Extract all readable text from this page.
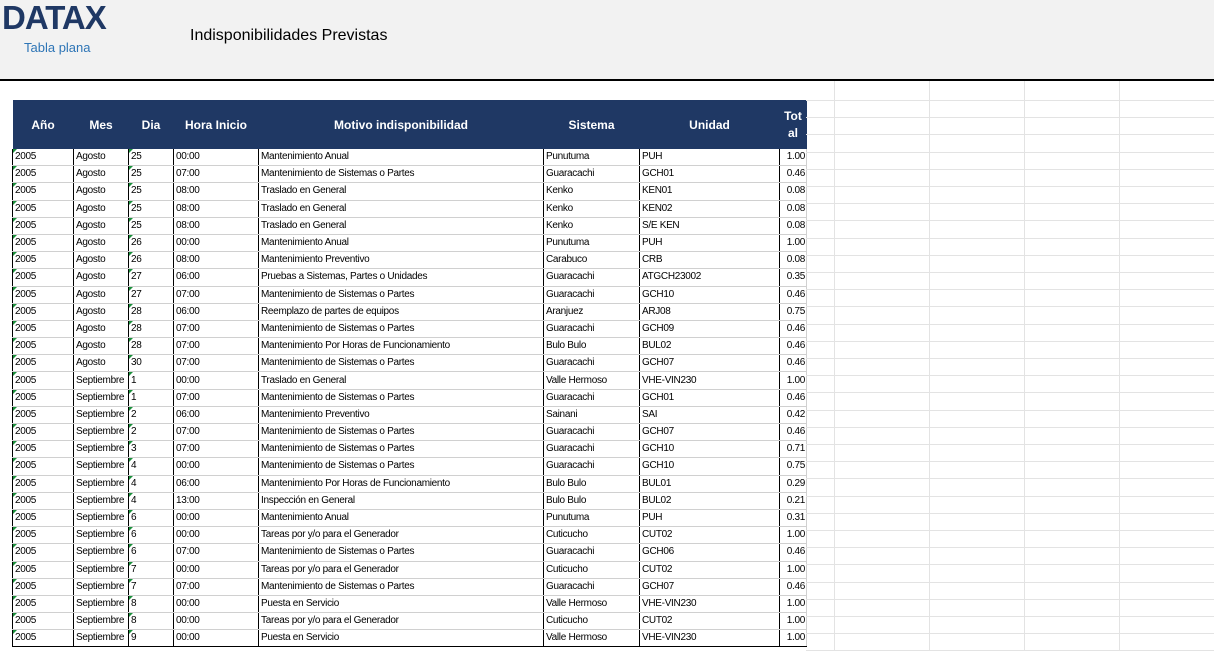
DATAX
Tabla plana
Indisponibilidades Previstas
Año	Mes	Dia	Hora Inicio	Motivo indisponibilidad	Sistema	Unidad	Tot
al
2005	Agosto	25	00:00	Mantenimiento Anual	Punutuma	PUH	1.00
2005	Agosto	25	07:00	Mantenimiento de Sistemas o Partes	Guaracachi	GCH01	0.46
2005	Agosto	25	08:00	Traslado en General	Kenko	KEN01	0.08
2005	Agosto	25	08:00	Traslado en General	Kenko	KEN02	0.08
2005	Agosto	25	08:00	Traslado en General	Kenko	S/E KEN	0.08
2005	Agosto	26	00:00	Mantenimiento Anual	Punutuma	PUH	1.00
2005	Agosto	26	08:00	Mantenimiento Preventivo	Carabuco	CRB	0.08
2005	Agosto	27	06:00	Pruebas a Sistemas, Partes o Unidades	Guaracachi	ATGCH23002	0.35
2005	Agosto	27	07:00	Mantenimiento de Sistemas o Partes	Guaracachi	GCH10	0.46
2005	Agosto	28	06:00	Reemplazo de partes de equipos	Aranjuez	ARJ08	0.75
2005	Agosto	28	07:00	Mantenimiento de Sistemas o Partes	Guaracachi	GCH09	0.46
2005	Agosto	28	07:00	Mantenimiento Por Horas de Funcionamiento	Bulo Bulo	BUL02	0.46
2005	Agosto	30	07:00	Mantenimiento de Sistemas o Partes	Guaracachi	GCH07	0.46
2005	Septiembre	1	00:00	Traslado en General	Valle Hermoso	VHE-VIN230	1.00
2005	Septiembre	1	07:00	Mantenimiento de Sistemas o Partes	Guaracachi	GCH01	0.46
2005	Septiembre	2	06:00	Mantenimiento Preventivo	Sainani	SAI	0.42
2005	Septiembre	2	07:00	Mantenimiento de Sistemas o Partes	Guaracachi	GCH07	0.46
2005	Septiembre	3	07:00	Mantenimiento de Sistemas o Partes	Guaracachi	GCH10	0.71
2005	Septiembre	4	00:00	Mantenimiento de Sistemas o Partes	Guaracachi	GCH10	0.75
2005	Septiembre	4	06:00	Mantenimiento Por Horas de Funcionamiento	Bulo Bulo	BUL01	0.29
2005	Septiembre	4	13:00	Inspección en General	Bulo Bulo	BUL02	0.21
2005	Septiembre	6	00:00	Mantenimiento Anual	Punutuma	PUH	0.31
2005	Septiembre	6	00:00	Tareas por y/o para el Generador	Cuticucho	CUT02	1.00
2005	Septiembre	6	07:00	Mantenimiento de Sistemas o Partes	Guaracachi	GCH06	0.46
2005	Septiembre	7	00:00	Tareas por y/o para el Generador	Cuticucho	CUT02	1.00
2005	Septiembre	7	07:00	Mantenimiento de Sistemas o Partes	Guaracachi	GCH07	0.46
2005	Septiembre	8	00:00	Puesta en Servicio	Valle Hermoso	VHE-VIN230	1.00
2005	Septiembre	8	00:00	Tareas por y/o para el Generador	Cuticucho	CUT02	1.00
2005	Septiembre	9	00:00	Puesta en Servicio	Valle Hermoso	VHE-VIN230	1.00
